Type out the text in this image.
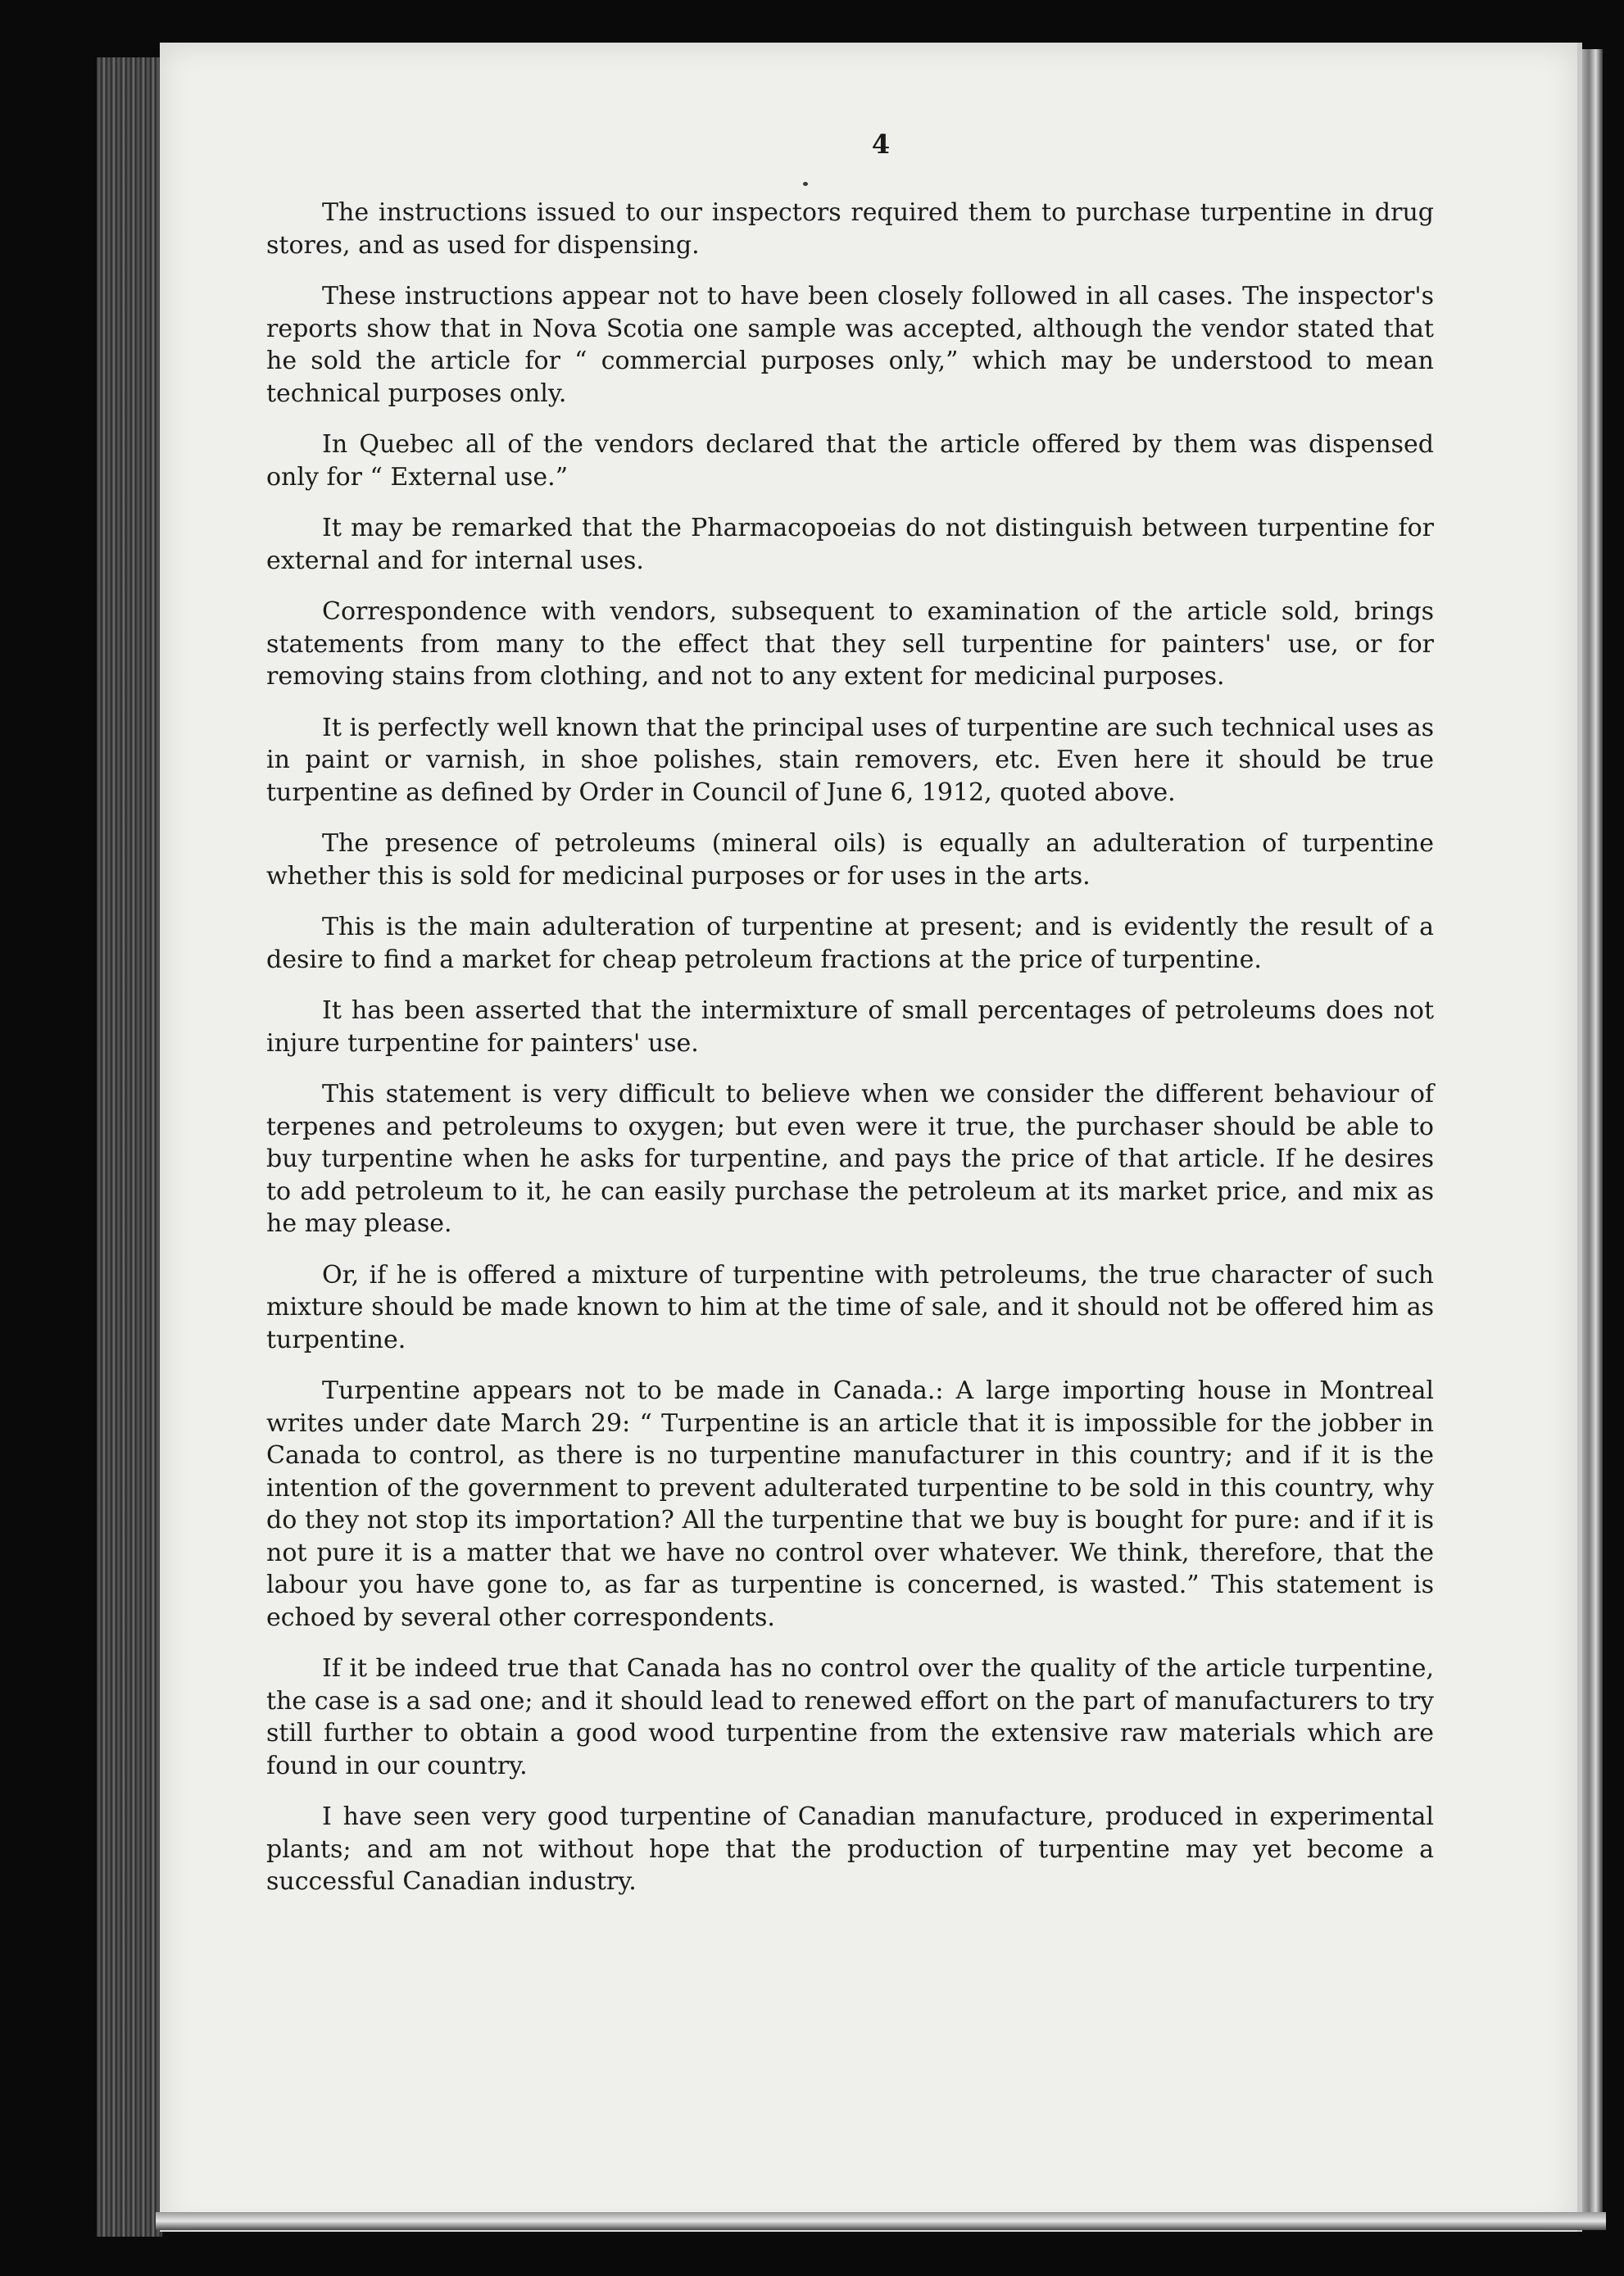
4

The instructions issued to our inspectors required them to purchase turpentine in drug stores, and as used for dispensing.

These instructions appear not to have been closely followed in all cases. The inspector's reports show that in Nova Scotia one sample was accepted, although the vendor stated that he sold the article for “ commercial purposes only,” which may be understood to mean technical purposes only.

In Quebec all of the vendors declared that the article offered by them was dispensed only for “ External use.”

It may be remarked that the Pharmacopoeias do not distinguish between turpentine for external and for internal uses.

Correspondence with vendors, subsequent to examination of the article sold, brings statements from many to the effect that they sell turpentine for painters' use, or for removing stains from clothing, and not to any extent for medicinal purposes.

It is perfectly well known that the principal uses of turpentine are such technical uses as in paint or varnish, in shoe polishes, stain removers, etc. Even here it should be true turpentine as defined by Order in Council of June 6, 1912, quoted above.

The presence of petroleums (mineral oils) is equally an adulteration of turpentine whether this is sold for medicinal purposes or for uses in the arts.

This is the main adulteration of turpentine at present; and is evidently the result of a desire to find a market for cheap petroleum fractions at the price of turpentine.

It has been asserted that the intermixture of small percentages of petroleums does not injure turpentine for painters' use.

This statement is very difficult to believe when we consider the different behaviour of terpenes and petroleums to oxygen; but even were it true, the purchaser should be able to buy turpentine when he asks for turpentine, and pays the price of that article. If he desires to add petroleum to it, he can easily purchase the petroleum at its market price, and mix as he may please.

Or, if he is offered a mixture of turpentine with petroleums, the true character of such mixture should be made known to him at the time of sale, and it should not be offered him as turpentine.

Turpentine appears not to be made in Canada.: A large importing house in Montreal writes under date March 29: “ Turpentine is an article that it is impossible for the jobber in Canada to control, as there is no turpentine manufacturer in this country; and if it is the intention of the government to prevent adulterated turpentine to be sold in this country, why do they not stop its importation? All the turpentine that we buy is bought for pure: and if it is not pure it is a matter that we have no control over whatever. We think, therefore, that the labour you have gone to, as far as turpentine is concerned, is wasted.” This statement is echoed by several other correspondents.

If it be indeed true that Canada has no control over the quality of the article turpentine, the case is a sad one; and it should lead to renewed effort on the part of manufacturers to try still further to obtain a good wood turpentine from the extensive raw materials which are found in our country.

I have seen very good turpentine of Canadian manufacture, produced in experimental plants; and am not without hope that the production of turpentine may yet become a successful Canadian industry.
